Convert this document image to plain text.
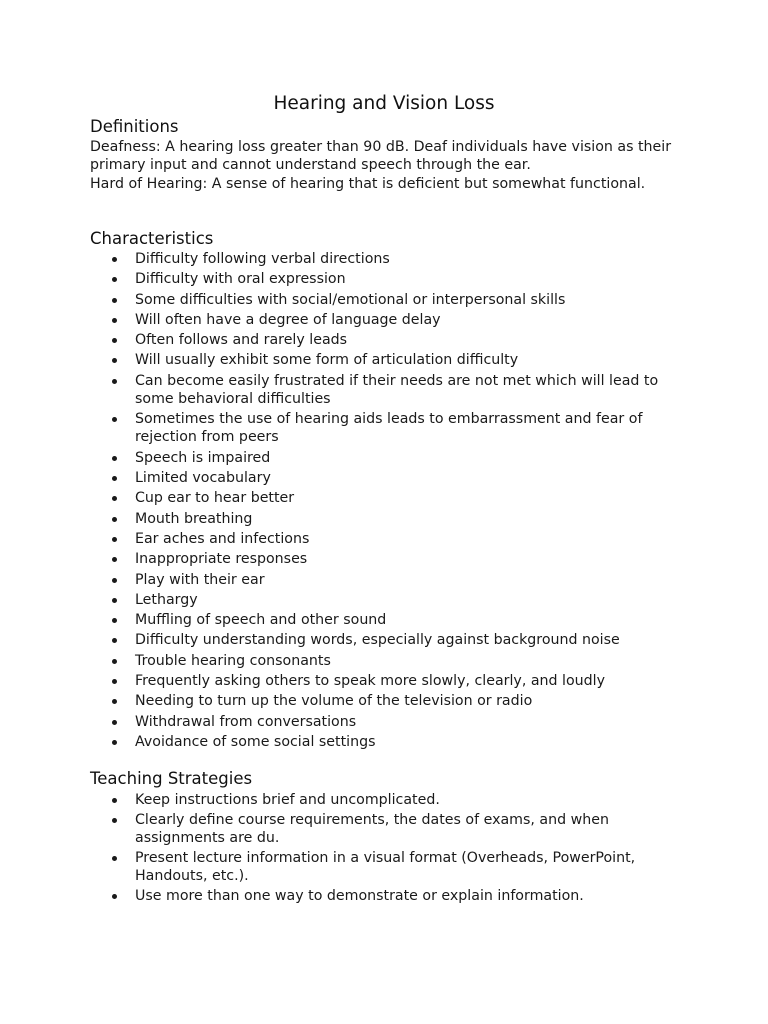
Hearing and Vision Loss
Definitions

Deafness: A hearing loss greater than 90 dB. Deaf individuals have vision as their primary input and cannot understand speech through the ear.

Hard of Hearing: A sense of hearing that is deficient but somewhat functional.

Characteristics
Difficulty following verbal directions
Difficulty with oral expression
Some difficulties with social/emotional or interpersonal skills
Will often have a degree of language delay
Often follows and rarely leads
Will usually exhibit some form of articulation difficulty
Can become easily frustrated if their needs are not met which will lead to some behavioral difficulties
Sometimes the use of hearing aids leads to embarrassment and fear of rejection from peers
Speech is impaired
Limited vocabulary
Cup ear to hear better
Mouth breathing
Ear aches and infections
Inappropriate responses
Play with their ear
Lethargy
Muffling of speech and other sound
Difficulty understanding words, especially against background noise
Trouble hearing consonants
Frequently asking others to speak more slowly, clearly, and loudly
Needing to turn up the volume of the television or radio
Withdrawal from conversations
Avoidance of some social settings
Teaching Strategies
Keep instructions brief and uncomplicated.
Clearly define course requirements, the dates of exams, and when assignments are du.
Present lecture information in a visual format (Overheads, PowerPoint, Handouts, etc.).
Use more than one way to demonstrate or explain information.
